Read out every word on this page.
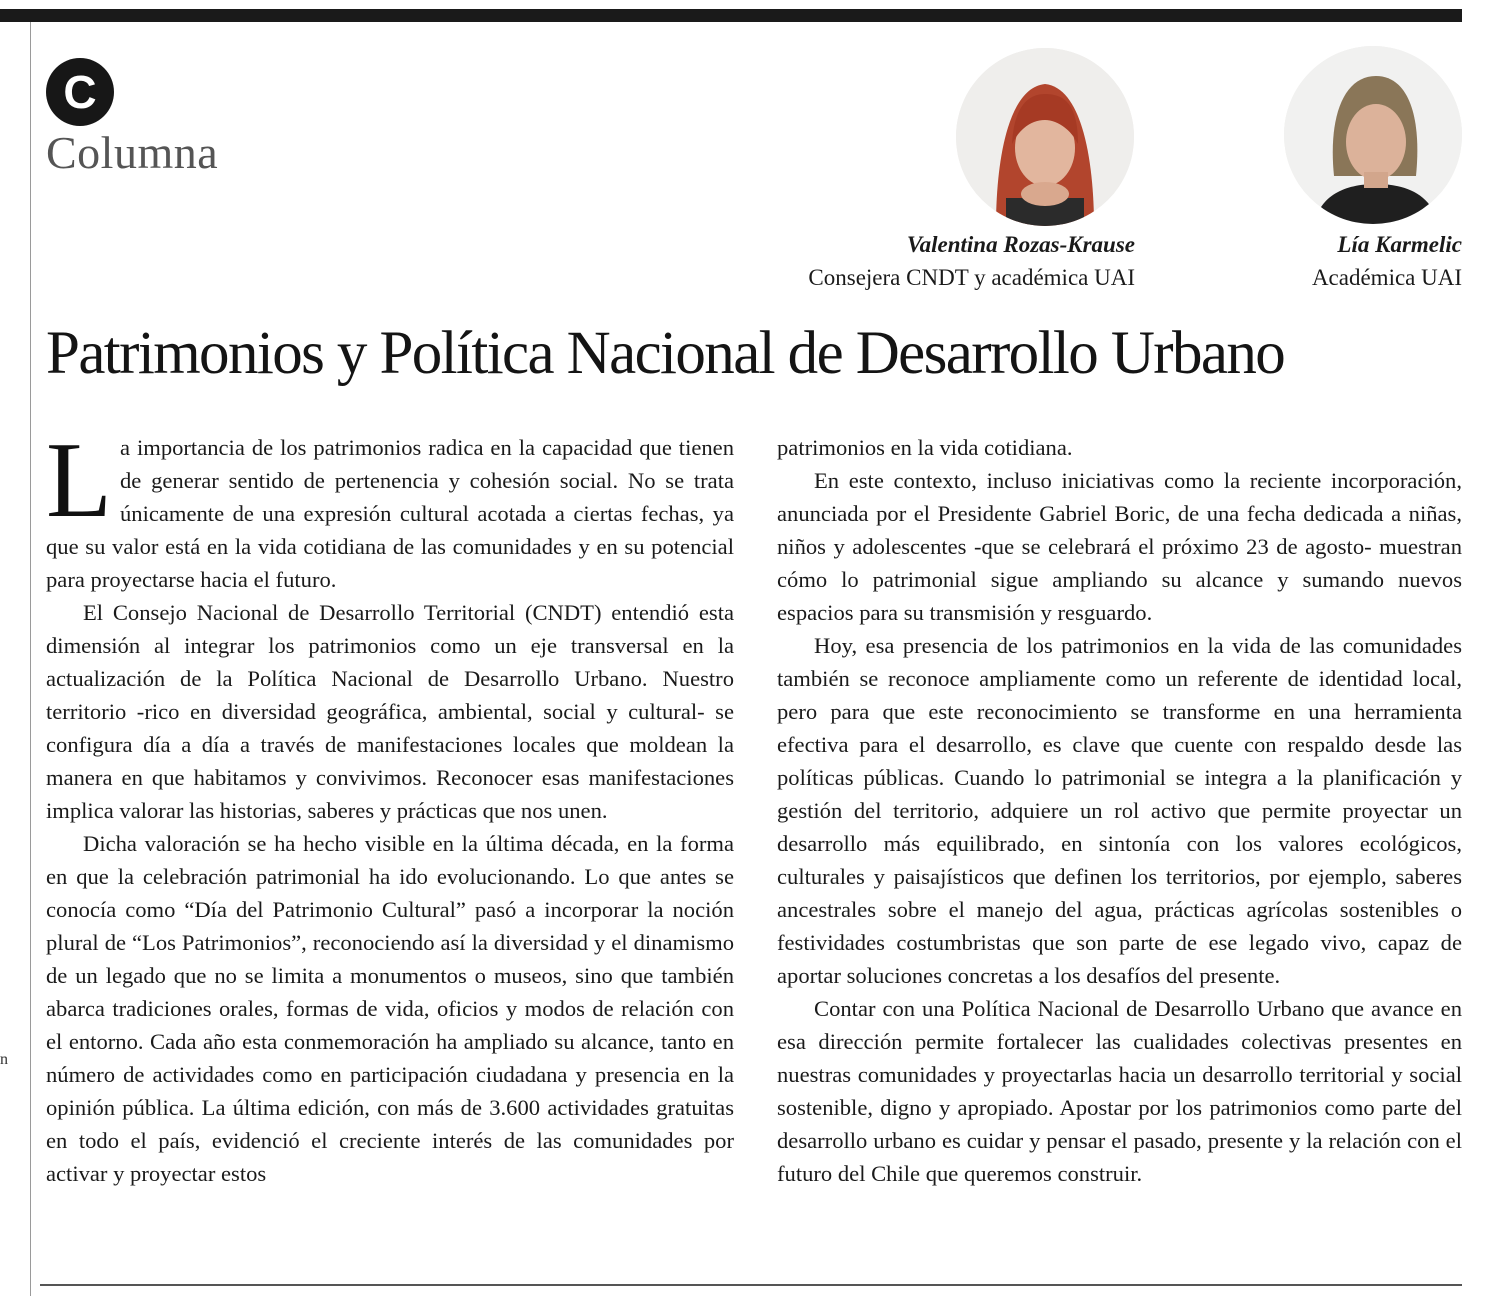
n
C
Columna
Valentina Rozas-Krause
Consejera CNDT y académica UAI
Lía Karmelic
Académica UAI
Patrimonios y Política Nacional de Desarrollo Urbano

La importancia de los patrimonios radica en la capacidad que tienen de generar sentido de pertenencia y cohesión social. No se trata únicamente de una expresión cultural acotada a ciertas fechas, ya que su valor está en la vida cotidiana de las comunidades y en su potencial para proyectarse hacia el futuro.

El Consejo Nacional de Desarrollo Territorial (CNDT) entendió esta dimensión al integrar los patrimonios como un eje transversal en la actualización de la Política Nacional de Desarrollo Urbano. Nuestro territorio -rico en diversidad geográfica, ambiental, social y cultural- se configura día a día a través de manifestaciones locales que moldean la manera en que habitamos y convivimos. Reconocer esas manifestaciones implica valorar las historias, saberes y prácticas que nos unen.

Dicha valoración se ha hecho visible en la última década, en la forma en que la celebración patrimonial ha ido evolucionando. Lo que antes se conocía como “Día del Patrimonio Cultural” pasó a incorporar la noción plural de “Los Patrimonios”, reconociendo así la diversidad y el dinamismo de un legado que no se limita a monumentos o museos, sino que también abarca tradiciones orales, formas de vida, oficios y modos de relación con el entorno. Cada año esta conmemoración ha ampliado su alcance, tanto en número de actividades como en participación ciudadana y presencia en la opinión pública. La última edición, con más de 3.600 actividades gratuitas en todo el país, evidenció el creciente interés de las comunidades por activar y proyectar estos

patrimonios en la vida cotidiana.

En este contexto, incluso iniciativas como la reciente incorporación, anunciada por el Presidente Gabriel Boric, de una fecha dedicada a niñas, niños y adolescentes -que se celebrará el próximo 23 de agosto- muestran cómo lo patrimonial sigue ampliando su alcance y sumando nuevos espacios para su transmisión y resguardo.

Hoy, esa presencia de los patrimonios en la vida de las comunidades también se reconoce ampliamente como un referente de identidad local, pero para que este reconocimiento se transforme en una herramienta efectiva para el desarrollo, es clave que cuente con respaldo desde las políticas públicas. Cuando lo patrimonial se integra a la planificación y gestión del territorio, adquiere un rol activo que permite proyectar un desarrollo más equilibrado, en sintonía con los valores ecológicos, culturales y paisajísticos que definen los territorios, por ejemplo, saberes ancestrales sobre el manejo del agua, prácticas agrícolas sostenibles o festividades costumbristas que son parte de ese legado vivo, capaz de aportar soluciones concretas a los desafíos del presente.

Contar con una Política Nacional de Desarrollo Urbano que avance en esa dirección permite fortalecer las cualidades colectivas presentes en nuestras comunidades y proyectarlas hacia un desarrollo territorial y social sostenible, digno y apropiado. Apostar por los patrimonios como parte del desarrollo urbano es cuidar y pensar el pasado, presente y la relación con el futuro del Chile que queremos construir.
